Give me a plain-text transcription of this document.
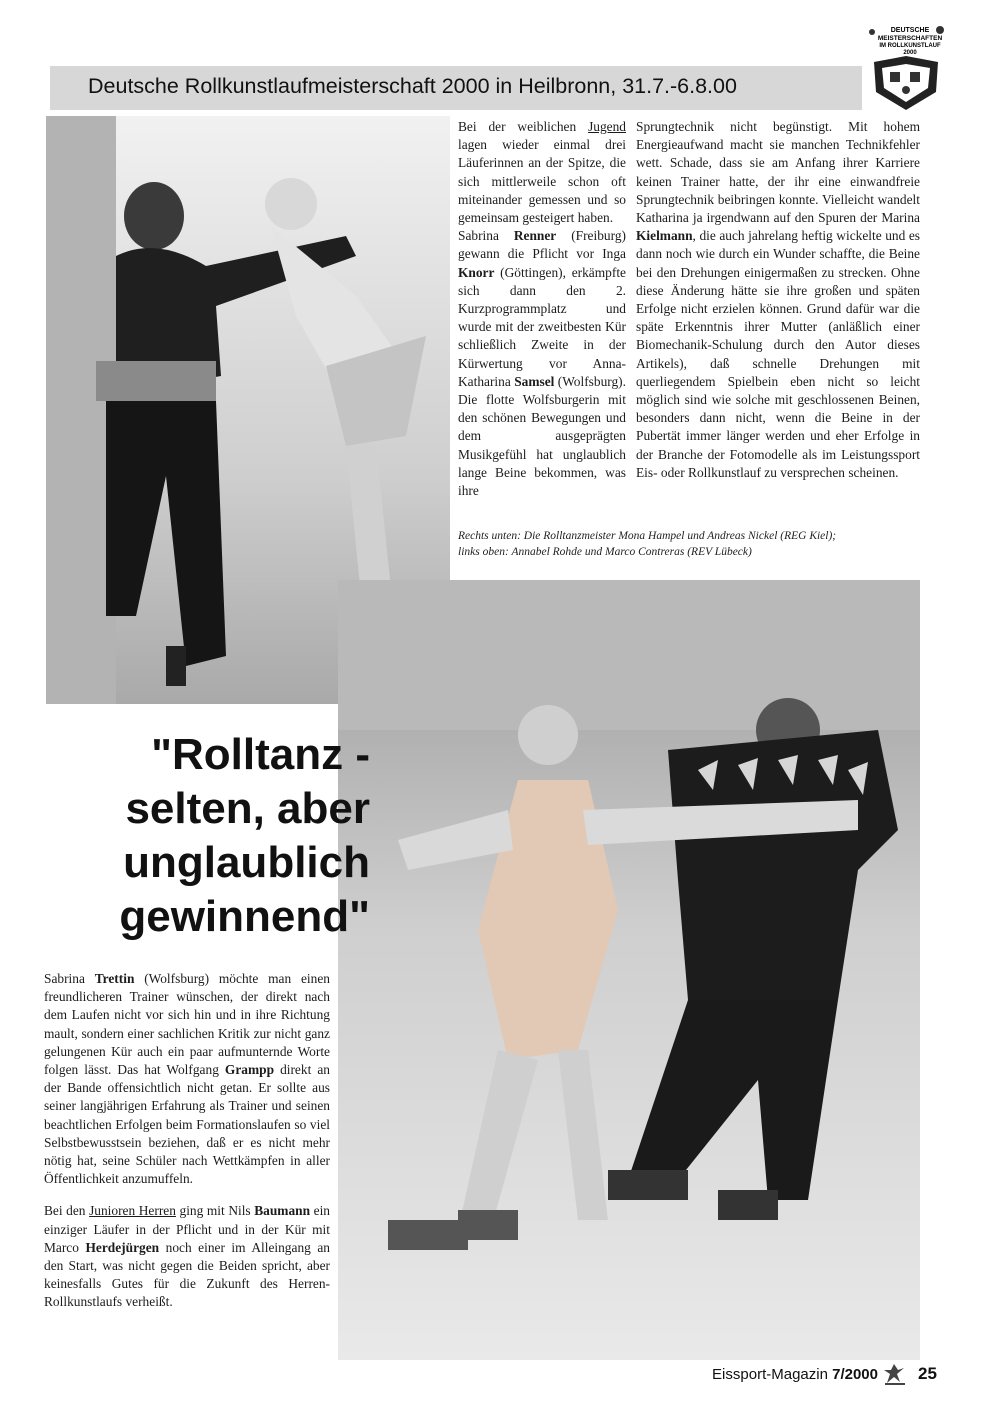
Deutsche Rollkunstlaufmeisterschaft 2000 in Heilbronn, 31.7.-6.8.00
DEUTSCHE
MEISTERSCHAFTEN
IM ROLLKUNSTLAUF
2000

Bei der weiblichen Jugend lagen wieder einmal drei Läuferinnen an der Spitze, die sich mittlerweile schon oft miteinander gemessen und so gemeinsam gesteigert haben.

Sabrina Renner (Freiburg) gewann die Pflicht vor Inga Knorr (Göttingen), erkämpfte sich dann den 2. Kurzprogrammplatz und wurde mit der zweitbesten Kür schließlich Zweite in der Kürwertung vor Anna-Katharina Samsel (Wolfsburg). Die flotte Wolfsburgerin mit den schönen Bewegungen und dem ausgeprägten Musikgefühl hat unglaublich lange Beine bekommen, was ihre

Sprungtechnik nicht begünstigt. Mit hohem Energieaufwand macht sie manchen Technikfehler wett. Schade, dass sie am Anfang ihrer Karriere keinen Trainer hatte, der ihr eine einwandfreie Sprungtechnik beibringen konnte. Vielleicht wandelt Katharina ja irgendwann auf den Spuren der Marina Kielmann, die auch jahrelang heftig wickelte und es dann noch wie durch ein Wunder schaffte, die Beine bei den Drehungen einigermaßen zu strecken. Ohne diese Änderung hätte sie ihre großen und späten Erfolge nicht erzielen können. Grund dafür war die späte Erkenntnis ihrer Mutter (anläßlich einer Biomechanik-Schulung durch den Autor dieses Artikels), daß schnelle Drehungen mit querliegendem Spielbein eben nicht so leicht möglich sind wie solche mit geschlossenen Beinen, besonders dann nicht, wenn die Beine in der Pubertät immer länger werden und eher Erfolge in der Branche der Fotomodelle als im Leistungssport Eis- oder Rollkunstlauf zu versprechen scheinen.

Rechts unten: Die Rolltanzmeister Mona Hampel und Andreas Nickel (REG Kiel);
links oben: Annabel Rohde und Marco Contreras (REV Lübeck)
"Rolltanz -
selten, aber
unglaublich
gewinnend"

Sabrina Trettin (Wolfsburg) möchte man einen freundlicheren Trainer wünschen, der direkt nach dem Laufen nicht vor sich hin und in ihre Richtung mault, sondern einer sachlichen Kritik zur nicht ganz gelungenen Kür auch ein paar aufmunternde Worte folgen lässt. Das hat Wolfgang Grampp direkt an der Bande offensichtlich nicht getan. Er sollte aus seiner langjährigen Erfahrung als Trainer und seinen beachtlichen Erfolgen beim Formationslaufen so viel Selbstbewusstsein beziehen, daß er es nicht mehr nötig hat, seine Schüler nach Wettkämpfen in aller Öffentlichkeit anzumuffeln.

Bei den Junioren Herren ging mit Nils Baumann ein einziger Läufer in der Pflicht und in der Kür mit Marco Herdejürgen noch einer im Alleingang an den Start, was nicht gegen die Beiden spricht, aber keinesfalls Gutes für die Zukunft des Herren-Rollkunstlaufs verheißt.

Eissport-Magazin 7/2000 25
